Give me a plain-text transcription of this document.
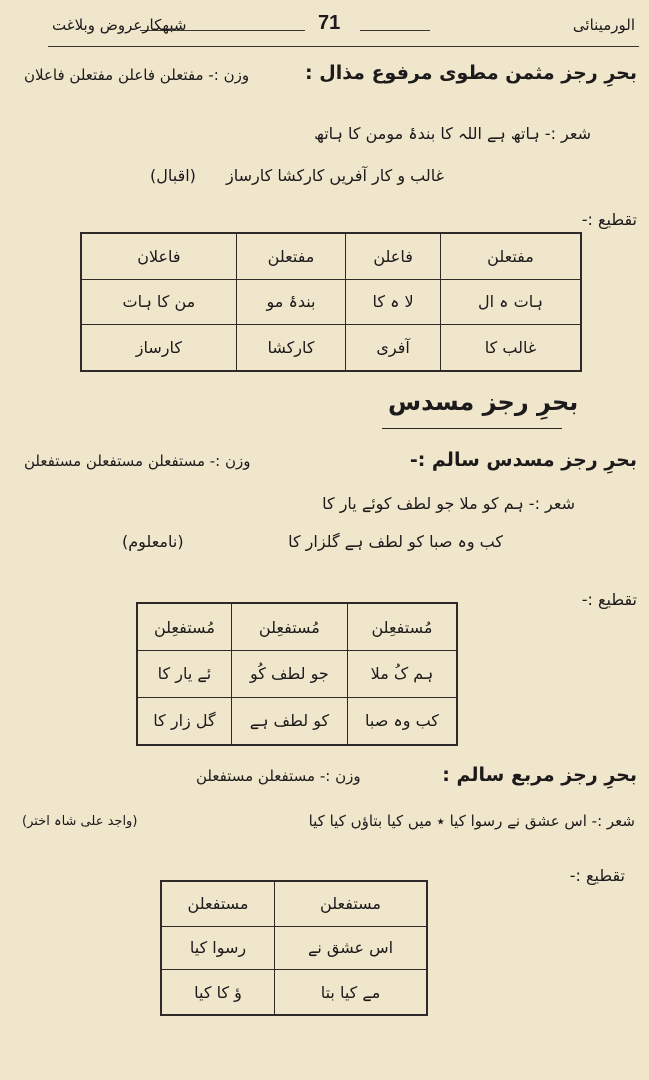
الورمینائی
71
شبهکارعروض وبلاغت
بحرِ رجز مثمن مطوی مرفوع مذال :
وزن :- مفتعلن فاعلن مفتعلن فاعلان
شعر :- ہاتھ ہے اللہ کا بندۂ مومن کا ہاتھ
غالب و کار آفریں کارکشا کارساز
(اقبال)
تقطیع :-
مفتعلن	فاعلن	مفتعلن	فاعلان
ہات ہ ال	لا ہ کا	بندۂ مو	من کا ہات
غالب کا	آفری	کارکشا	کارساز
بحرِ رجز مسدس
بحرِ رجز مسدس سالم :-
وزن :- مستفعلن مستفعلن مستفعلن
شعر :- ہم کو ملا جو لطف کوئے یار کا
کب وہ صبا کو لطف ہے گلزار کا
(نامعلوم)
تقطیع :-
مُستفعِلن	مُستفعِلن	مُستفعِلن
ہم کُ ملا	جو لطف کُو	ئے یار کا
کب وہ صبا	کو لطف ہے	گل زار کا
بحرِ رجز مربع سالم :
وزن :- مستفعلن مستفعلن
شعر :- اس عشق نے رسوا کیا ٭ میں کیا بتاؤں کیا کیا
(واجد علی شاہ اختر)
تقطیع :-
مستفعلن	مستفعلن
اس عشق نے	رسوا کیا
مے کیا بتا	ؤ کا کیا
